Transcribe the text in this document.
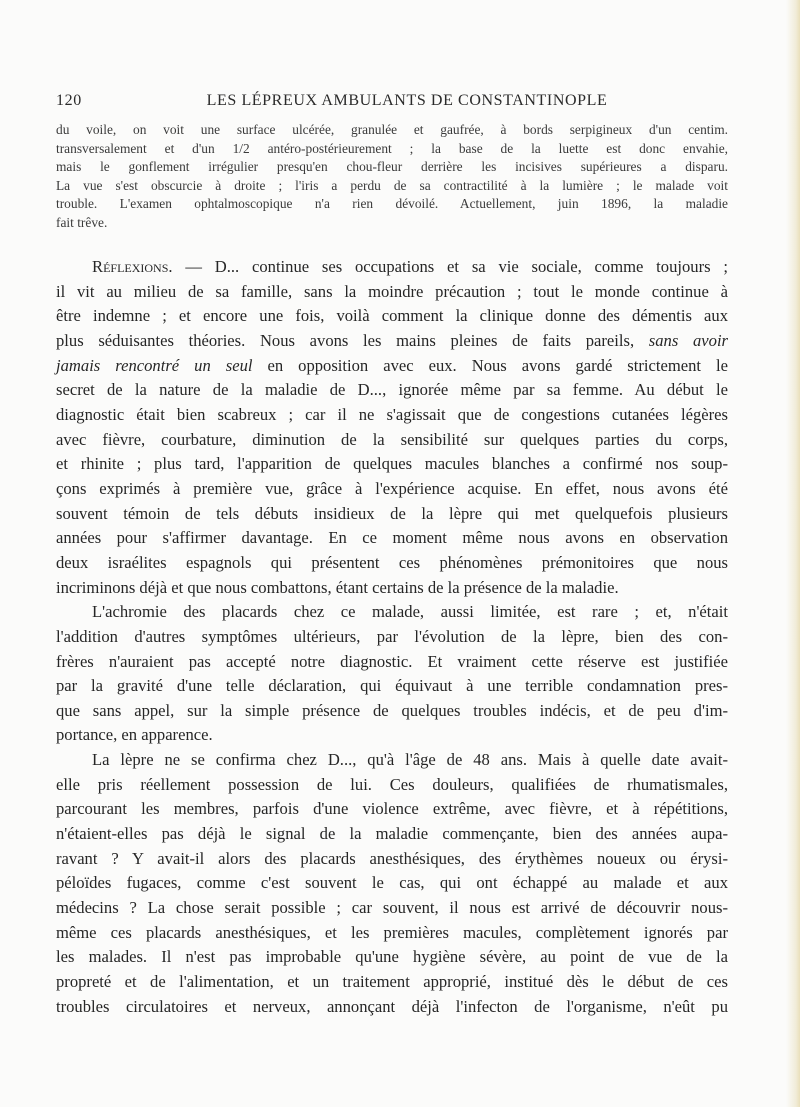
120	LES LÉPREUX AMBULANTS DE CONSTANTINOPLE
du voile, on voit une surface ulcérée, granulée et gaufrée, à bords serpigineux d'un centim.
transversalement et d'un 1/2 antéro-postérieurement ; la base de la luette est donc envahie,
mais le gonflement irrégulier presqu'en chou-fleur derrière les incisives supérieures a disparu.
La vue s'est obscurcie à droite ; l'iris a perdu de sa contractilité à la lumière ; le malade voit
trouble. L'examen ophtalmoscopique n'a rien dévoilé. Actuellement, juin 1896, la maladie
fait trêve.
Réflexions. — D... continue ses occupations et sa vie sociale, comme toujours ;
il vit au milieu de sa famille, sans la moindre précaution ; tout le monde continue à
être indemne ; et encore une fois, voilà comment la clinique donne des démentis aux
plus séduisantes théories. Nous avons les mains pleines de faits pareils, sans avoir
jamais rencontré un seul en opposition avec eux. Nous avons gardé strictement le
secret de la nature de la maladie de D..., ignorée même par sa femme. Au début le
diagnostic était bien scabreux ; car il ne s'agissait que de congestions cutanées légères
avec fièvre, courbature, diminution de la sensibilité sur quelques parties du corps,
et rhinite ; plus tard, l'apparition de quelques macules blanches a confirmé nos soup-
çons exprimés à première vue, grâce à l'expérience acquise. En effet, nous avons été
souvent témoin de tels débuts insidieux de la lèpre qui met quelquefois plusieurs
années pour s'affirmer davantage. En ce moment même nous avons en observation
deux israélites espagnols qui présentent ces phénomènes prémonitoires que nous
incriminons déjà et que nous combattons, étant certains de la présence de la maladie.
L'achromie des placards chez ce malade, aussi limitée, est rare ; et, n'était
l'addition d'autres symptômes ultérieurs, par l'évolution de la lèpre, bien des con-
frères n'auraient pas accepté notre diagnostic. Et vraiment cette réserve est justifiée
par la gravité d'une telle déclaration, qui équivaut à une terrible condamnation pres-
que sans appel, sur la simple présence de quelques troubles indécis, et de peu d'im-
portance, en apparence.
La lèpre ne se confirma chez D..., qu'à l'âge de 48 ans. Mais à quelle date avait-
elle pris réellement possession de lui. Ces douleurs, qualifiées de rhumatismales,
parcourant les membres, parfois d'une violence extrême, avec fièvre, et à répétitions,
n'étaient-elles pas déjà le signal de la maladie commençante, bien des années aupa-
ravant ? Y avait-il alors des placards anesthésiques, des érythèmes noueux ou érysi-
péloïdes fugaces, comme c'est souvent le cas, qui ont échappé au malade et aux
médecins ? La chose serait possible ; car souvent, il nous est arrivé de découvrir nous-
même ces placards anesthésiques, et les premières macules, complètement ignorés par
les malades. Il n'est pas improbable qu'une hygiène sévère, au point de vue de la
propreté et de l'alimentation, et un traitement approprié, institué dès le début de ces
troubles circulatoires et nerveux, annonçant déjà l'infecton de l'organisme, n'eût pu
